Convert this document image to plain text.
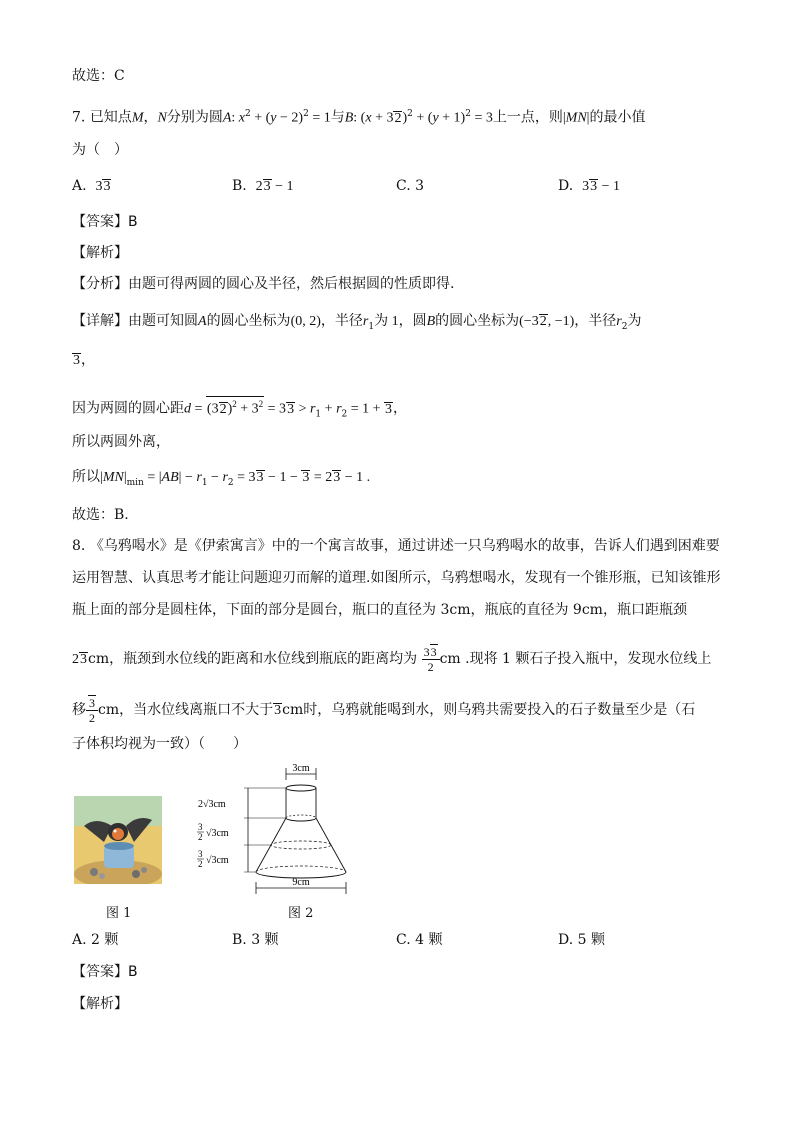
故选：C
7. 已知点M，N分别为圆A: $x^2 + (y - 2)^2 = 1$与B: $(x + 32)^2 + (y + 1)^2 = 3$上一点，则|MN|的最小值
为（　）
A. 33	B. 23 − 1	C. 3	D. 33 − 1
【答案】B
【解析】
【分析】由题可得两圆的圆心及半径，然后根据圆的性质即得.
【详解】由题可知圆A的圆心坐标为(0, 2)，半径$r_1$为 1，圆B的圆心坐标为(−32, −1)，半径$r_2$为
3，
因为两圆的圆心距$d = (32)^2 + 3^2 = 33 > r_1 + r_2 = 1 + 3$，
所以两圆外离，
所以$|MN|_{min} = |AB| - r_1 - r_2 = 33 - 1 - 3 = 23 - 1$ .
故选：B.
8. 《乌鸦喝水》是《伊索寓言》中的一个寓言故事，通过讲述一只乌鸦喝水的故事，告诉人们遇到困难要
运用智慧、认真思考才能让问题迎刃而解的道理.如图所示，乌鸦想喝水，发现有一个锥形瓶，已知该锥形
瓶上面的部分是圆柱体，下面的部分是圆台，瓶口的直径为 3cm，瓶底的直径为 9cm，瓶口距瓶颈
23cm，瓶颈到水位线的距离和水位线到瓶底的距离均为 $\frac{33}{2}$ cm .现将 1 颗石子投入瓶中，发现水位线上
移 $\frac{3}{2}$ cm，当水位线离瓶口不大于3cm时，乌鸦就能喝到水，则乌鸦共需要投入的石子数量至少是（石
子体积均视为一致）（　　）
图 1
3cm
9cm
2√3cm
3
2 √3cm
3
2 √3cm
图 2
A. 2 颗	B. 3 颗	C. 4 颗	D. 5 颗
【答案】B
【解析】
